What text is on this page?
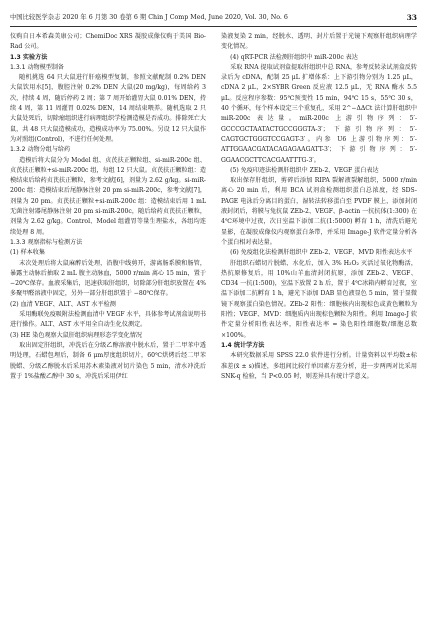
中国比较医学杂志 2020 年 6 月第 30 卷第 6 期 Chin J Comp Med, June 2020, Vol. 30, No. 6	33

仪购自日本希森美康公司；ChemiDoc XRS 凝胶成像仪购于美国 Bio-Rad 公司。

1.3 实验方法

1.3.1 动物模型制备

随机挑选 64 只大鼠进行肝癌模型复制，参照文献配制 0.2% DEN 大鼠饮用水[5]，腹腔注射 0.2% DEN 大鼠(20 mg/kg)，每周给药 3 次，持续 4 周，随后停药 2 周；第 7 周开始灌胃大鼠 0.01% DEN，持续 4 周，第 11 周灌胃 0.02% DEN，14 周结束喂养。随机选取 2 只大鼠处死后，切除瘤组织进行病理组织学检测造模是否成功。排除死亡大鼠，共 48 只大鼠造模成功，造模成功率为 75.00%。另设 12 只大鼠作为对照组(Control)，不进行任何处理。

1.3.2 动物分组与给药

造模后将大鼠分为 Model 组、贞芪扶正颗粒组、si-miR-200c 组、贞芪扶正颗粒+si-miR-200c 组，每组 12 只大鼠。贞芪扶正颗粒组：造模结束后给药贞芪扶正颗粒，参考文献[6]，剂量为 2.62 g/kg。si-miR-200c 组：造模结束后尾静脉注射 20 pm si-miR-200c，参考文献[7]，剂量为 20 pm。贞芪扶正颗粒+si-miR-200c 组：造模结束后用 1 mL 无菌注射器尾静脉注射 20 pm si-miR-200c，随后给药贞芪扶正颗粒，剂量为 2.62 g/kg。Control、Model 组灌胃等量生理盐水，各组均连续处理 8 周。

1.3.3 观察指标与检测方法

(1) 样本收集

末次处理后将大鼠麻醉后处理，沿腹中线剪开，游离肠系膜和肠管，暴露主动脉后抽取 2 mL 腹主动脉血，5000 r/min 离心 15 min，置于 −20℃保存。血液采集后，迅速获取肝组织，切除部分肝组织放置在 4% 多聚甲醛溶液中固定，另外一部分肝组织置于 −80℃保存。

(2) 血清 VEGF、ALT、AST 水平检测

采用酶联免疫吸附法检测血清中 VEGF 水平，具体参考试剂盒说明书进行操作。ALT、AST 水平用全自动生化仪测定。

(3) HE 染色观察大鼠肝组织病理形态学变化情况

取出固定肝组织，冲洗后在分级乙醇溶液中脱水后，置于二甲苯中透明处理，石蜡包埋后，制备 6 μm厚度组织切片，60℃烘烤后经二甲苯脱蜡、分级乙醇脱水后采用苏木素染液对切片染色 5 min，清水冲洗后置于 1%盐酸乙醇中 30 s，冲洗后采用伊红

染液复染 2 min，经脱水、透明、封片后置于光镜下观察肝组织病理学变化情况。

(4) qRT-PCR 法检测肝组织中 miR-200c 表达

采取 RNA 提取试剂盒提取肝组织中总 RNA，参考反转录试剂盒反转录后为 cDNA，配制 25 μL 扩增体系：上下游引物分别为 1.25 μL，cDNA 2 μL，2×SYBR Green 反应液 12.5 μL，无 RNA 酶水 5.5 μL。反应程序参数：95℃预变性 15 min，94℃ 15 s，55℃ 30 s，40 个循环，每个样本设定三个重复孔，采用 2^−ΔΔCt 法计算肝组织中 miR-200c 表达量。miR-200c 上游引物序列：5′-GCCCGCTAATACTGCCGGGTA-3′；下游引物序列：5′-CAGTGCTGGGTCCGAGT-3′。内参 U6 上游引物序列：5′-ATTGGAACGATACAGAGAAGATT-3′；下游引物序列：5′-GGAACGCTTCACGAATTTG-3′。

(5) 免疫印迹法检测肝组织中 ZEb-2、VEGF 蛋白表达

取出保存肝组织，剪碎后添加 RIPA 裂解液裂解组织，5000 r/min 离心 20 min 后，利用 BCA 试剂盒检测组织蛋白总浓度，经 SDS-PAGE 电泳后分离目的蛋白，湿转法转移蛋白至 PVDF 膜上，添加封闭液封闭后，将膜与兔抗鼠 ZEb-2、VEGF、β-actin 一抗抗体(1:300) 在 4℃环境中过夜，次日室温下添加二抗(1:5000) 孵育 1 h，清洗后避光显影，在凝胶成像仪内观察蛋白条带，并采用 Image-J 软件定量分析各个蛋白相对表达量。

(6) 免疫组化法检测肝组织中 ZEb-2、VEGF、MVD 阳性表达水平

肝组织石蜡切片脱蜡、水化后，加入 3% H₂O₂ 灭活过氧化物酶活，热抗原修复后，用 10%山羊血清封闭抗原，添加 ZEb-2、VEGF、CD34 一抗(1:500)，室温下放置 2 h 后，置于 4℃冰箱内孵育过夜，室温下添加二抗孵育 1 h，避光下添加 DAB 显色液显色 5 min，置于显微镜下观察蛋白染色情况。ZEb-2 阳性：细胞核内出现棕色或黄色颗粒为阳性；VEGF、MVD：细胞质内出现棕色颗粒为阳性。利用 Image-J 软件定量分析阳性表达率，阳性表达率 = 染色阳性细胞数/细胞总数×100%。

1.4 统计学方法

本研究数据采用 SPSS 22.0 软件进行分析。计量资料以平均数±标准差(x̄ ± s)描述，多组间比较行单因素方差分析，进一步两两对比采用 SNK-q 检验，当 P<0.05 时，则差异具有统计学意义。
